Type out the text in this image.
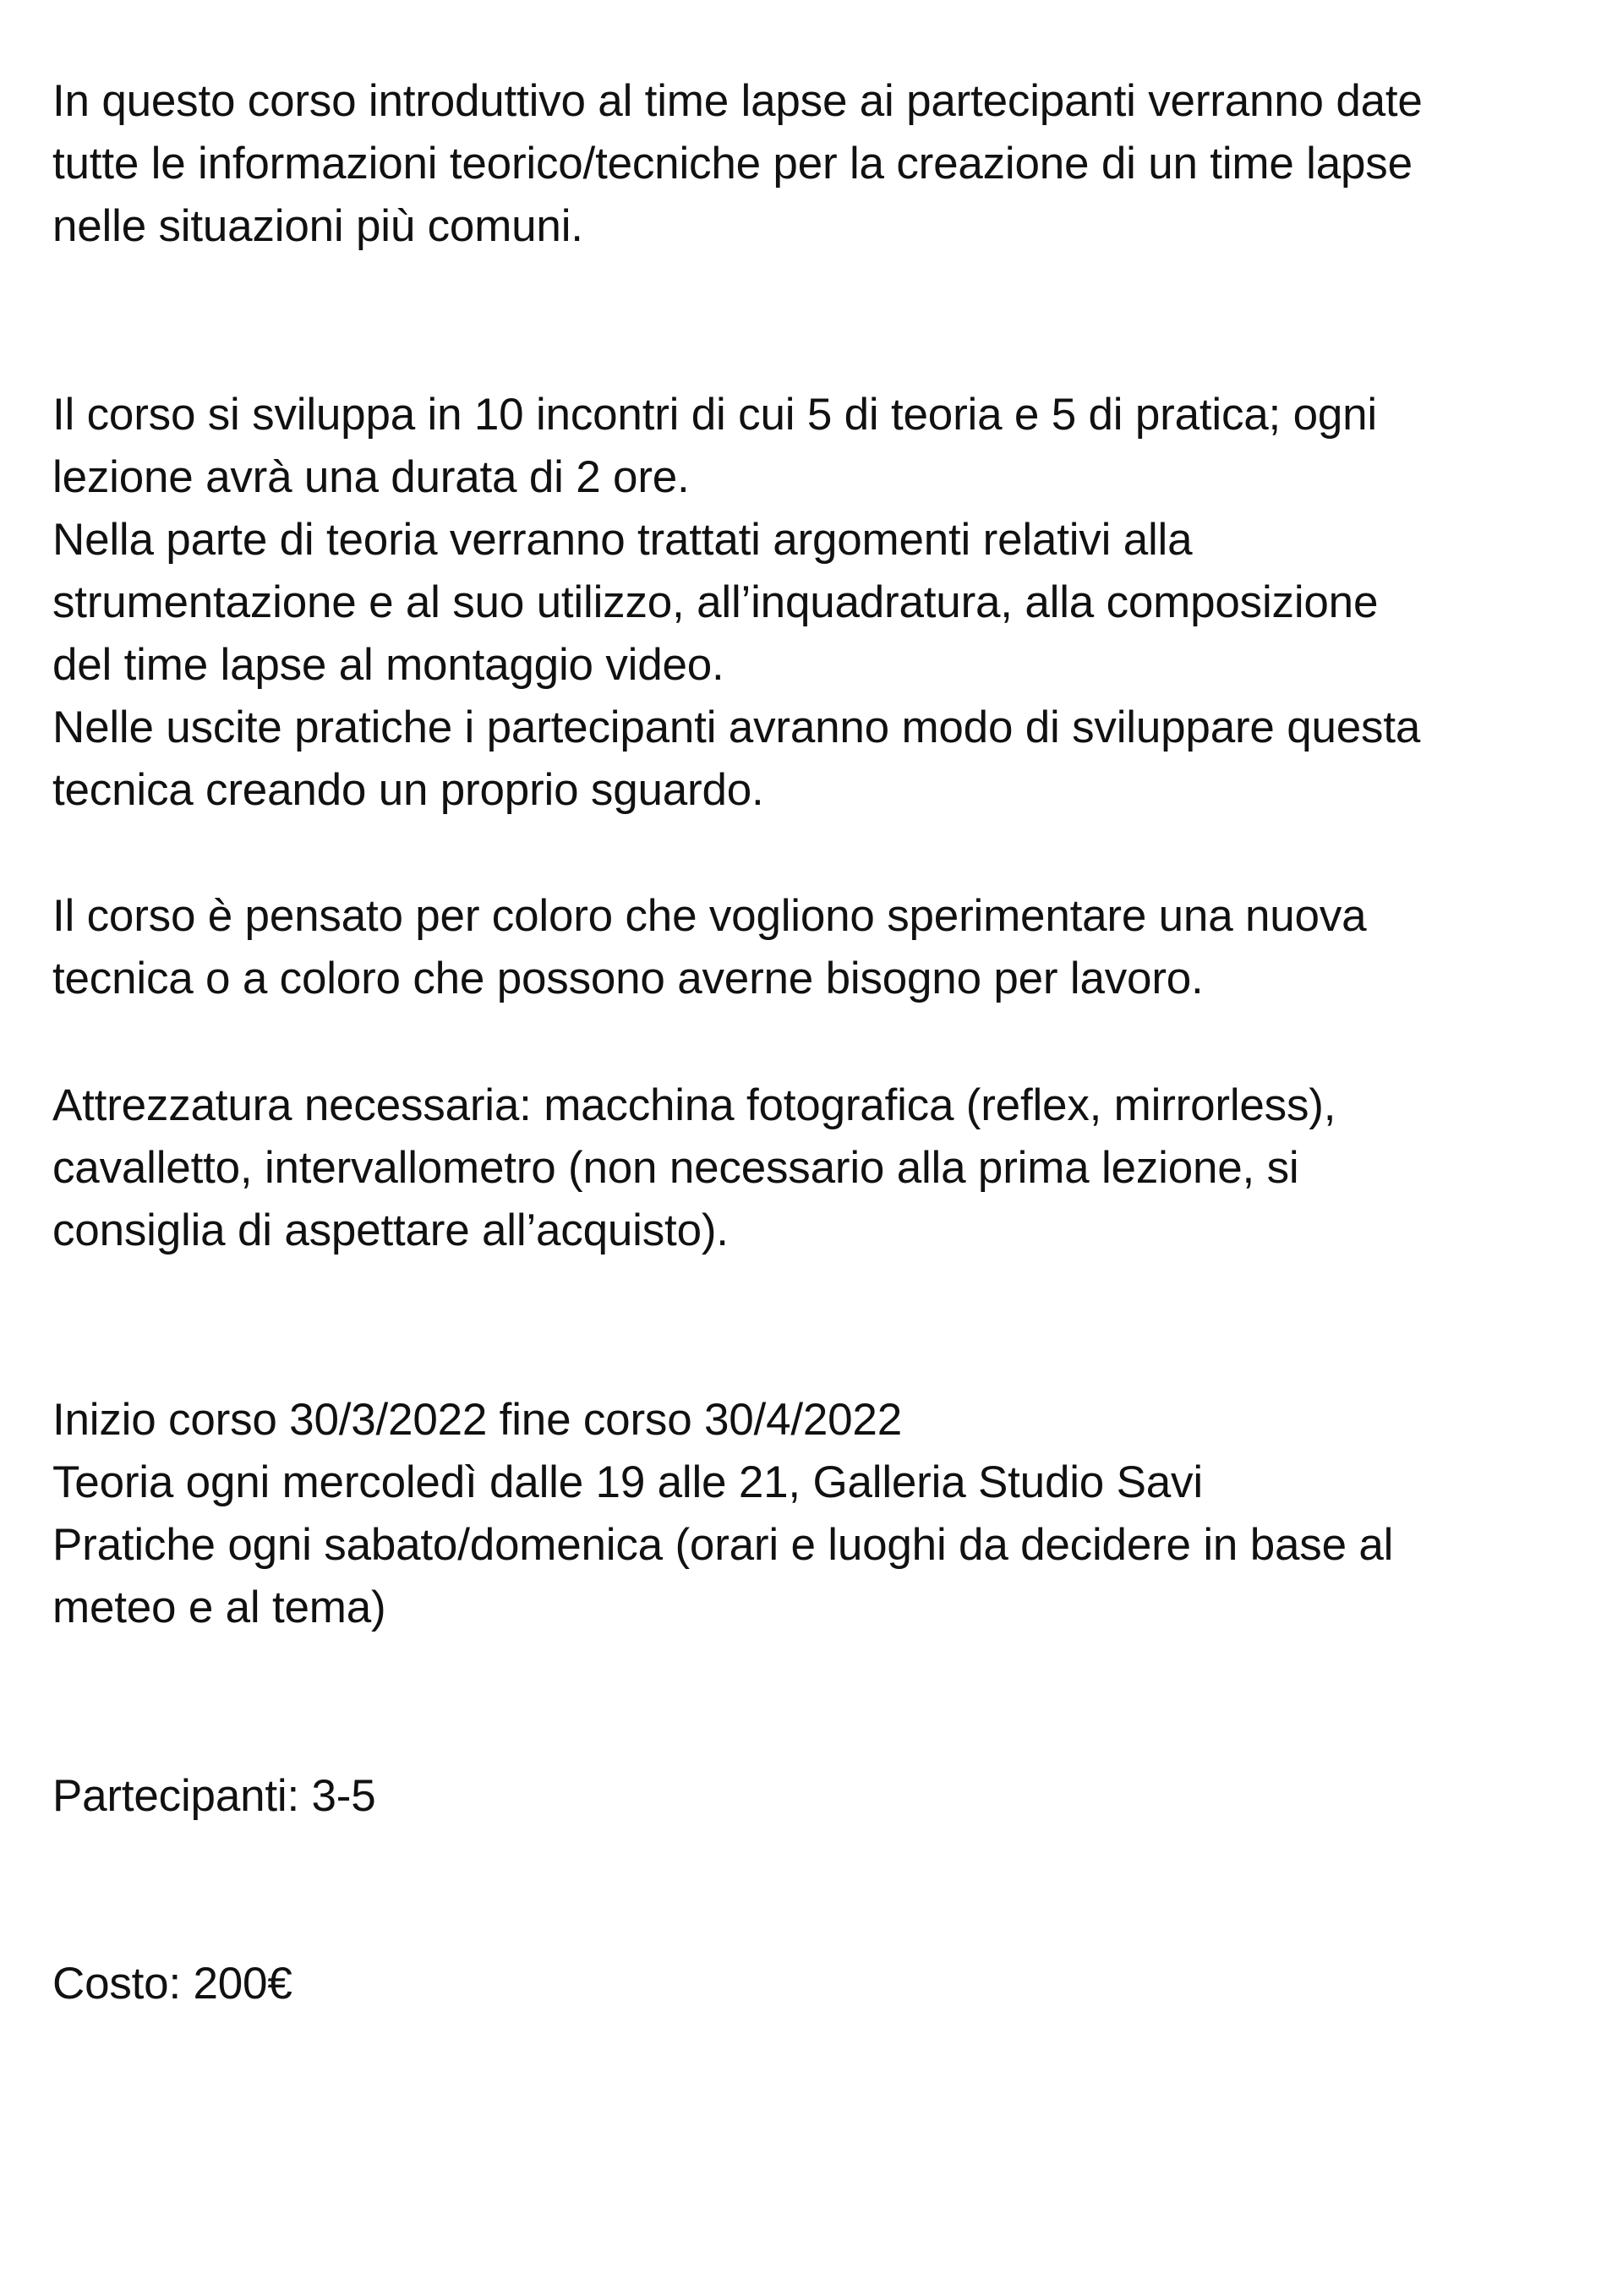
In questo corso introduttivo al time lapse ai partecipanti verranno date
tutte le informazioni teorico/tecniche per la creazione di un time lapse
nelle situazioni più comuni.

Il corso si sviluppa in 10 incontri di cui 5 di teoria e 5 di pratica; ogni
lezione avrà una durata di 2 ore.
Nella parte di teoria verranno trattati argomenti relativi alla
strumentazione e al suo utilizzo, all’inquadratura, alla composizione
del time lapse al montaggio video.
Nelle uscite pratiche i partecipanti avranno modo di sviluppare questa
tecnica creando un proprio sguardo.

Il corso è pensato per coloro che vogliono sperimentare una nuova
tecnica o a coloro che possono averne bisogno per lavoro.

Attrezzatura necessaria: macchina fotografica (reflex, mirrorless),
cavalletto, intervallometro (non necessario alla prima lezione, si
consiglia di aspettare all’acquisto).

Inizio corso 30/3/2022 fine corso 30/4/2022
Teoria ogni mercoledì dalle 19 alle 21, Galleria Studio Savi
Pratiche ogni sabato/domenica (orari e luoghi da decidere in base al
meteo e al tema)

Partecipanti: 3-5

Costo: 200€
